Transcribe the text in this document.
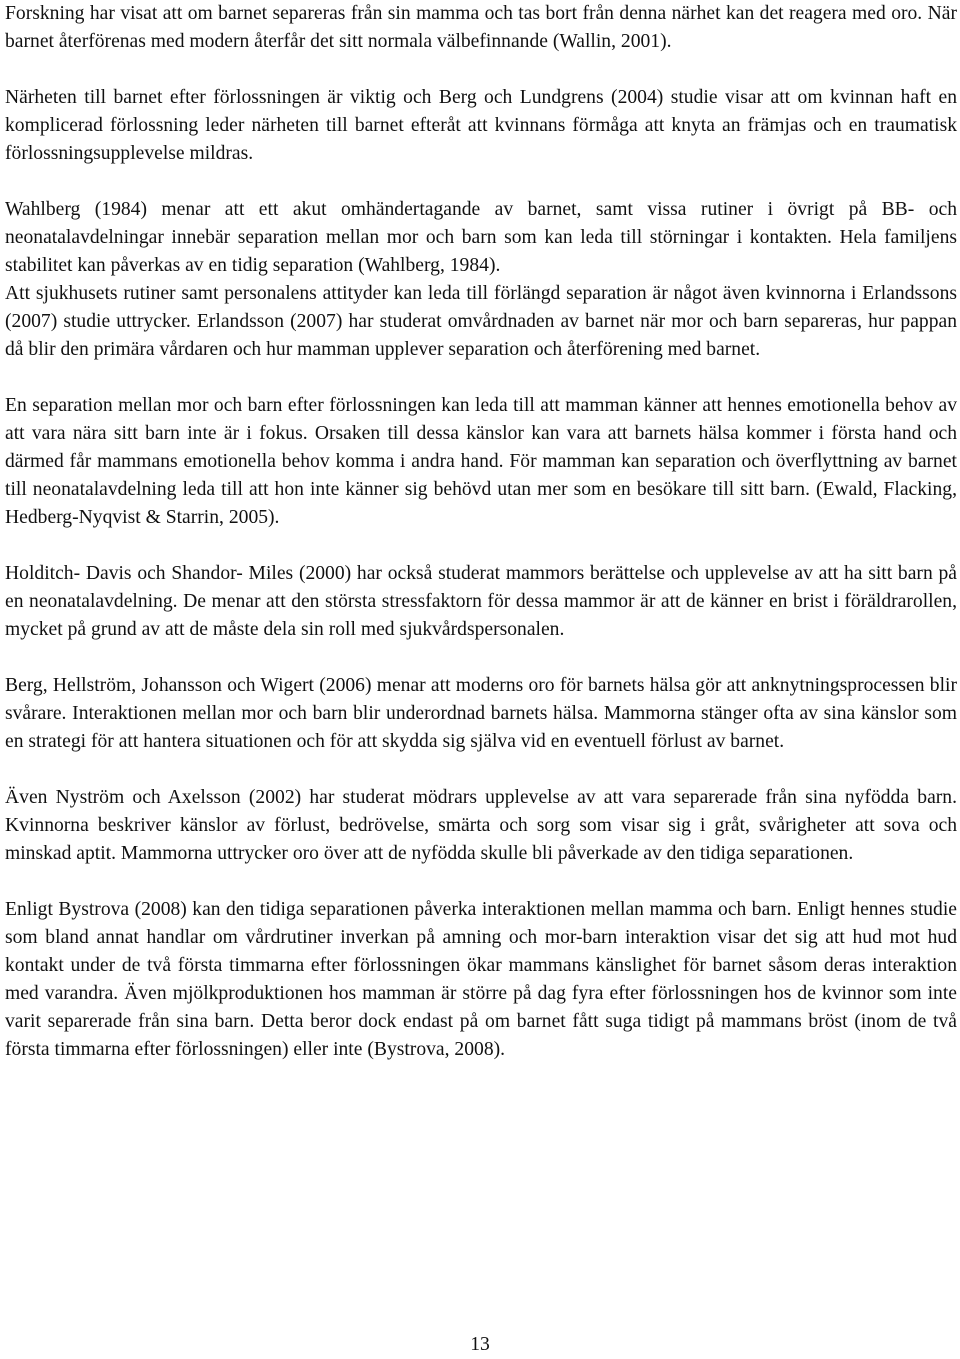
Forskning har visat att om barnet separeras från sin mamma och tas bort från denna närhet kan det reagera med oro. När barnet återförenas med modern återfår det sitt normala välbefinnande (Wallin, 2001).

Närheten till barnet efter förlossningen är viktig och Berg och Lundgrens (2004) studie visar att om kvinnan haft en komplicerad förlossning leder närheten till barnet efteråt att kvinnans förmåga att knyta an främjas och en traumatisk förlossningsupplevelse mildras.

Wahlberg (1984) menar att ett akut omhändertagande av barnet, samt vissa rutiner i övrigt på BB- och neonatalavdelningar innebär separation mellan mor och barn som kan leda till störningar i kontakten. Hela familjens stabilitet kan påverkas av en tidig separation (Wahlberg, 1984).

Att sjukhusets rutiner samt personalens attityder kan leda till förlängd separation är något även kvinnorna i Erlandssons (2007) studie uttrycker. Erlandsson (2007) har studerat omvårdnaden av barnet när mor och barn separeras, hur pappan då blir den primära vårdaren och hur mamman upplever separation och återförening med barnet.

En separation mellan mor och barn efter förlossningen kan leda till att mamman känner att hennes emotionella behov av att vara nära sitt barn inte är i fokus. Orsaken till dessa känslor kan vara att barnets hälsa kommer i första hand och därmed får mammans emotionella behov komma i andra hand. För mamman kan separation och överflyttning av barnet till neonatalavdelning leda till att hon inte känner sig behövd utan mer som en besökare till sitt barn. (Ewald, Flacking, Hedberg-Nyqvist & Starrin, 2005).

Holditch- Davis och Shandor- Miles (2000) har också studerat mammors berättelse och upplevelse av att ha sitt barn på en neonatalavdelning. De menar att den största stressfaktorn för dessa mammor är att de känner en brist i föräldrarollen, mycket på grund av att de måste dela sin roll med sjukvårdspersonalen.

Berg, Hellström, Johansson och Wigert (2006) menar att moderns oro för barnets hälsa gör att anknytningsprocessen blir svårare. Interaktionen mellan mor och barn blir underordnad barnets hälsa. Mammorna stänger ofta av sina känslor som en strategi för att hantera situationen och för att skydda sig själva vid en eventuell förlust av barnet.

Även Nyström och Axelsson (2002) har studerat mödrars upplevelse av att vara separerade från sina nyfödda barn. Kvinnorna beskriver känslor av förlust, bedrövelse, smärta och sorg som visar sig i gråt, svårigheter att sova och minskad aptit. Mammorna uttrycker oro över att de nyfödda skulle bli påverkade av den tidiga separationen.

Enligt Bystrova (2008) kan den tidiga separationen påverka interaktionen mellan mamma och barn. Enligt hennes studie som bland annat handlar om vårdrutiner inverkan på amning och mor-barn interaktion visar det sig att hud mot hud kontakt under de två första timmarna efter förlossningen ökar mammans känslighet för barnet såsom deras interaktion med varandra. Även mjölkproduktionen hos mamman är större på dag fyra efter förlossningen hos de kvinnor som inte varit separerade från sina barn. Detta beror dock endast på om barnet fått suga tidigt på mammans bröst (inom de två första timmarna efter förlossningen) eller inte (Bystrova, 2008).

13
